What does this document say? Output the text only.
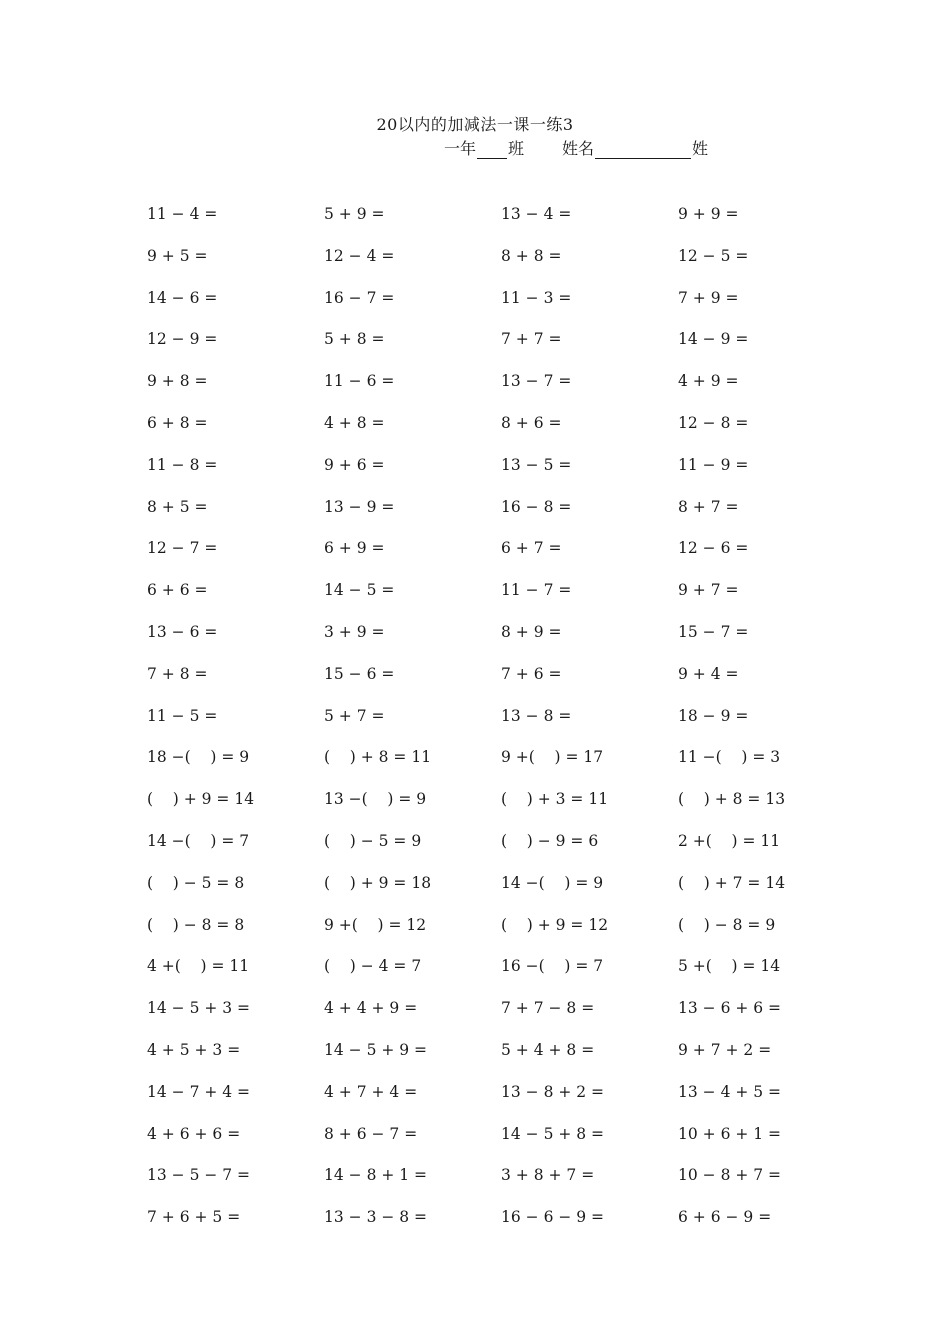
20以内的加减法一课一练3
一年 班 姓名	姓
11 − 4 =	5 + 9 =	13 − 4 =	9 + 9 =
9 + 5 =	12 − 4 =	8 + 8 =	12 − 5 =
14 − 6 =	16 − 7 =	11 − 3 =	7 + 9 =
12 − 9 =	5 + 8 =	7 + 7 =	14 − 9 =
9 + 8 =	11 − 6 =	13 − 7 =	4 + 9 =
6 + 8 =	4 + 8 =	8 + 6 =	12 − 8 =
11 − 8 =	9 + 6 =	13 − 5 =	11 − 9 =
8 + 5 =	13 − 9 =	16 − 8 =	8 + 7 =
12 − 7 =	6 + 9 =	6 + 7 =	12 − 6 =
6 + 6 =	14 − 5 =	11 − 7 =	9 + 7 =
13 − 6 =	3 + 9 =	8 + 9 =	15 − 7 =
7 + 8 =	15 − 6 =	7 + 6 =	9 + 4 =
11 − 5 =	5 + 7 =	13 − 8 =	18 − 9 =
18 −(    ) = 9	(    ) + 8 = 11	9 +(    ) = 17	11 −(    ) = 3
(    ) + 9 = 14	13 −(    ) = 9	(    ) + 3 = 11	(    ) + 8 = 13
14 −(    ) = 7	(    ) − 5 = 9	(    ) − 9 = 6	2 +(    ) = 11
(    ) − 5 = 8	(    ) + 9 = 18	14 −(    ) = 9	(    ) + 7 = 14
(    ) − 8 = 8	9 +(    ) = 12	(    ) + 9 = 12	(    ) − 8 = 9
4 +(    ) = 11	(    ) − 4 = 7	16 −(    ) = 7	5 +(    ) = 14
14 − 5 + 3 =	4 + 4 + 9 =	7 + 7 − 8 =	13 − 6 + 6 =
4 + 5 + 3 =	14 − 5 + 9 =	5 + 4 + 8 =	9 + 7 + 2 =
14 − 7 + 4 =	4 + 7 + 4 =	13 − 8 + 2 =	13 − 4 + 5 =
4 + 6 + 6 =	8 + 6 − 7 =	14 − 5 + 8 =	10 + 6 + 1 =
13 − 5 − 7 =	14 − 8 + 1 =	3 + 8 + 7 =	10 − 8 + 7 =
7 + 6 + 5 =	13 − 3 − 8 =	16 − 6 − 9 =	6 + 6 − 9 =
